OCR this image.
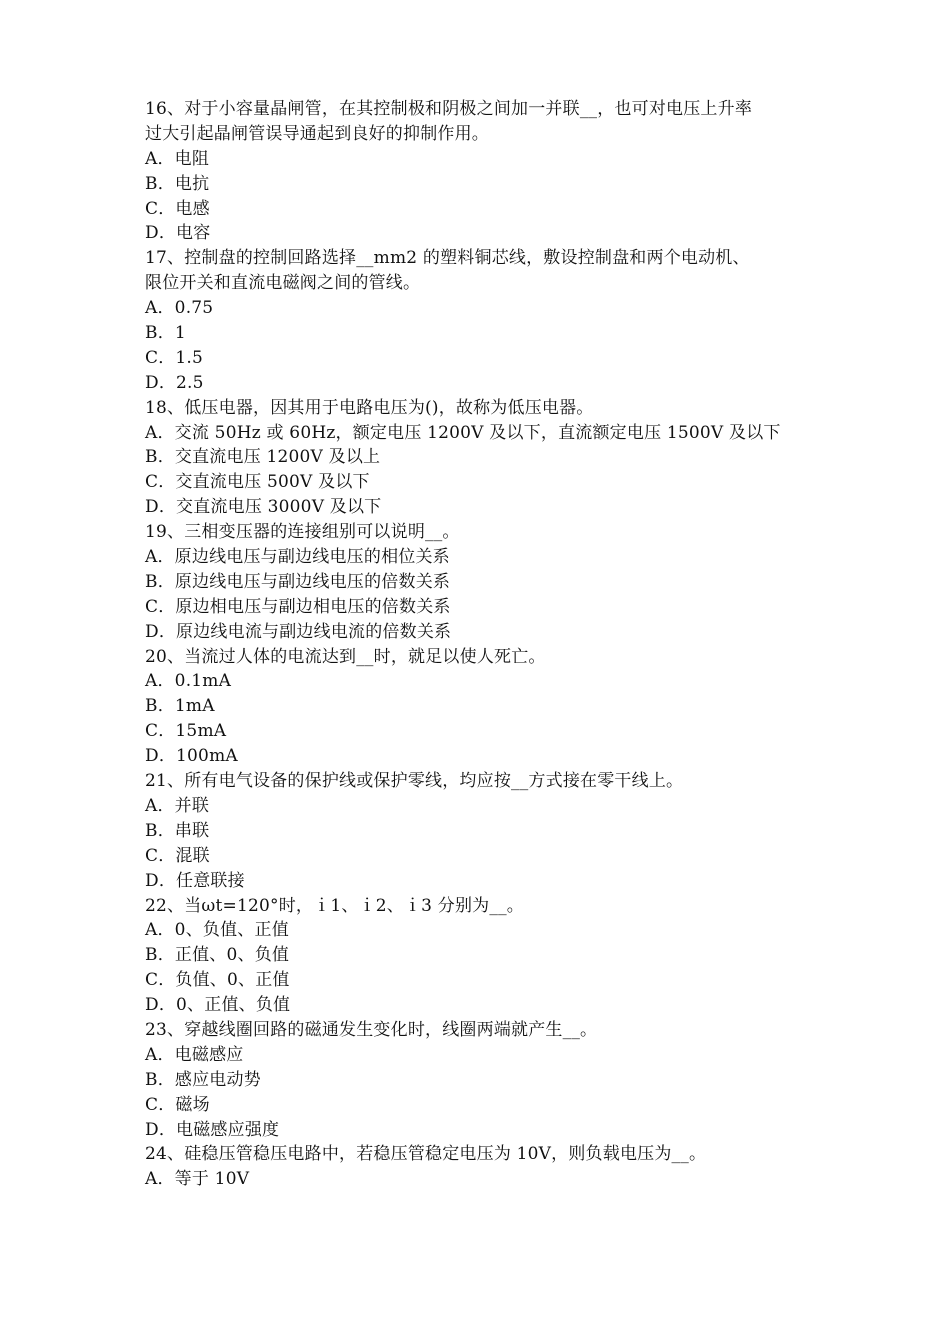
16、对于小容量晶闸管，在其控制极和阴极之间加一并联__，也可对电压上升率
过大引起晶闸管误导通起到良好的抑制作用。
A．电阻
B．电抗
C．电感
D．电容
17、控制盘的控制回路选择__mm2 的塑料铜芯线，敷设控制盘和两个电动机、
限位开关和直流电磁阀之间的管线。
A．0.75
B．1
C．1.5
D．2.5
18、低压电器，因其用于电路电压为()，故称为低压电器。
A．交流 50Hz 或 60Hz，额定电压 1200V 及以下，直流额定电压 1500V 及以下
B．交直流电压 1200V 及以上
C．交直流电压 500V 及以下
D．交直流电压 3000V 及以下
19、三相变压器的连接组别可以说明__。
A．原边线电压与副边线电压的相位关系
B．原边线电压与副边线电压的倍数关系
C．原边相电压与副边相电压的倍数关系
D．原边线电流与副边线电流的倍数关系
20、当流过人体的电流达到__时，就足以使人死亡。
A．0.1mA
B．1mA
C．15mA
D．100mA
21、所有电气设备的保护线或保护零线，均应按__方式接在零干线上。
A．并联
B．串联
C．混联
D．任意联接
22、当ωt=120°时，ｉ1、ｉ2、ｉ3 分别为__。
A．0、负值、正值
B．正值、0、负值
C．负值、0、正值
D．0、正值、负值
23、穿越线圈回路的磁通发生变化时，线圈两端就产生__。
A．电磁感应
B．感应电动势
C．磁场
D．电磁感应强度
24、硅稳压管稳压电路中，若稳压管稳定电压为 10V，则负载电压为__。
A．等于 10V
